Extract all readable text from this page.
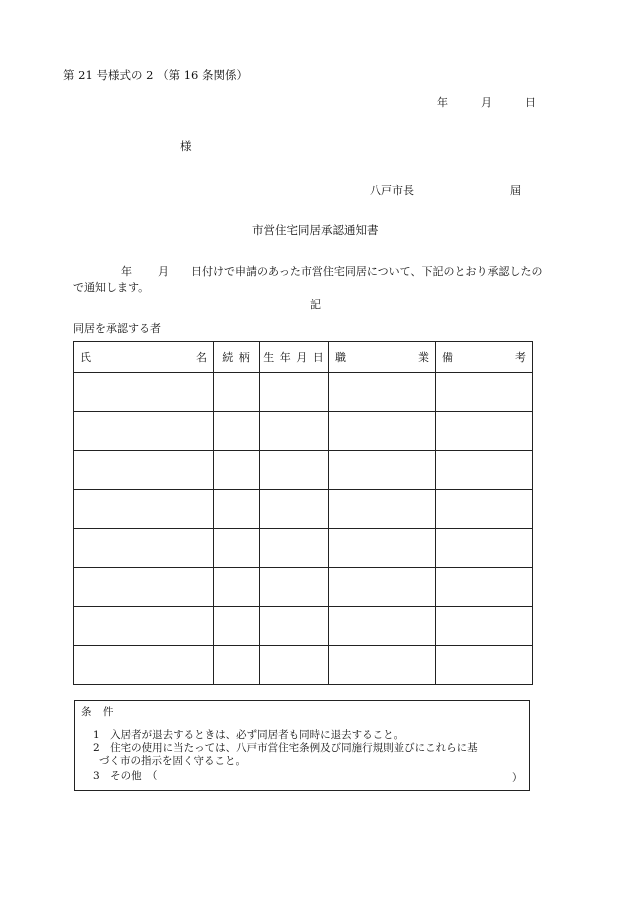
第 21 号様式の 2 （第 16 条関係）
年	月	日
様
八戸市長	屆
市営住宅同居承認通知書
年 月 日付けで申請のあった市営住宅同居について、下記のとおり承認したので通知します。
記
同居を承認する者
氏 名	続 柄	生 年 月 日	職 業	備 考

条 件
1　入居者が退去するときは、必ず同居者も同時に退去すること。
2　住宅の使用に当たっては、八戸市営住宅条例及び同施行規則並びにこれらに基
づく市の指示を固く守ること。
3　その他　（	）
